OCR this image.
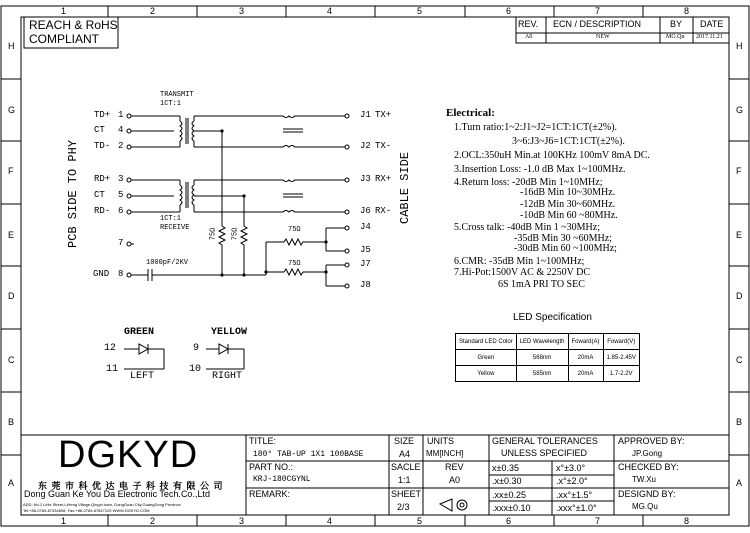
1
1
2
2
3
3
4
4
5
5
6
6
7
7
8
8
H	H
G	G
F	F
E	E
D	D
C	C
B	B
A	A
REACH & RoHS
COMPLIANT
REV. ECN / DESCRIPTION	BY DATE
A0	NEW	MG.Qu 2017.11.21
PCB SIDE TO PHY	CABLE SIDE
TRANSMIT
1CT:1
1CT:1
RECEIVE
1000pF/2KV
75Ω 75Ω	75Ω
75Ω
TD+ 1
CT 4
TD- 2
RD+ 3
CT 5
RD- 6
7
GND 8
J1 TX+
J2 TX-
J3 RX+
J6 RX-
J4
J5
J7
J8
GREEN
12
11
LEFT
YELLOW
9
10
RIGHT
Electrical:
1.Turn ratio:1~2:J1~J2=1CT:1CT(±2%).
3~6:J3~J6=1CT:1CT(±2%).
2.OCL:350uH Min.at 100KHz 100mV 8mA DC.
3.Insertion Loss: -1.0 dB Max 1~100MHz.
4.Return loss: -20dB Min 1~10MHz;
-16dB Min 10~30MHz.
-12dB Min 30~60MHz.
-10dB Min 60 ~80MHz.
5.Cross talk: -40dB Min 1 ~30MHz;
-35dB Min 30 ~60MHz;
-30dB Min 60 ~100MHz;
6.CMR: -35dB Min 1~100MHz;
7.Hi-Pot:1500V AC & 2250V DC
6S 1mA PRI TO SEC
LED Specification
Standard LED Color	LED Wavelength	Foward(A)	Foward(V)
Green	568nm	20mA	1.85-2.45V
Yellow	585nm	20mA	1.7-2.2V
DGKYD
东 莞 市 科 优 达 电 子 科 技 有 限 公 司
Dong Guan Ke You Da Electronic Tech.Co.,Ltd
ADD: No.1 LiHe Street,LiHeng Village,Qingxi town, DongGuan City,GuangDong Province
Tel:+86-0769-87334606; Fax:+86-0769-87847129 WWW.DGKYD.COM
TITLE:
180° TAB-UP 1X1 100BASE
SIZE
A4
UNITS
MM[INCH]
PART NO.:
KRJ-180CGYNL
SACLE
1:1
REV
A0
REMARK:	SHEET
2/3
GENERAL TOLERANCES
UNLESS SPECIFIED
x±0.35	x°±3.0°
.x±0.30	.x°±2.0°
.xx±0.25	.xx°±1.5°
.xxx±0.10	.xxx°±1.0°
APPROVED BY:
JP.Gong
CHECKED BY:
TW.Xu
DESIGND BY:
MG.Qu
